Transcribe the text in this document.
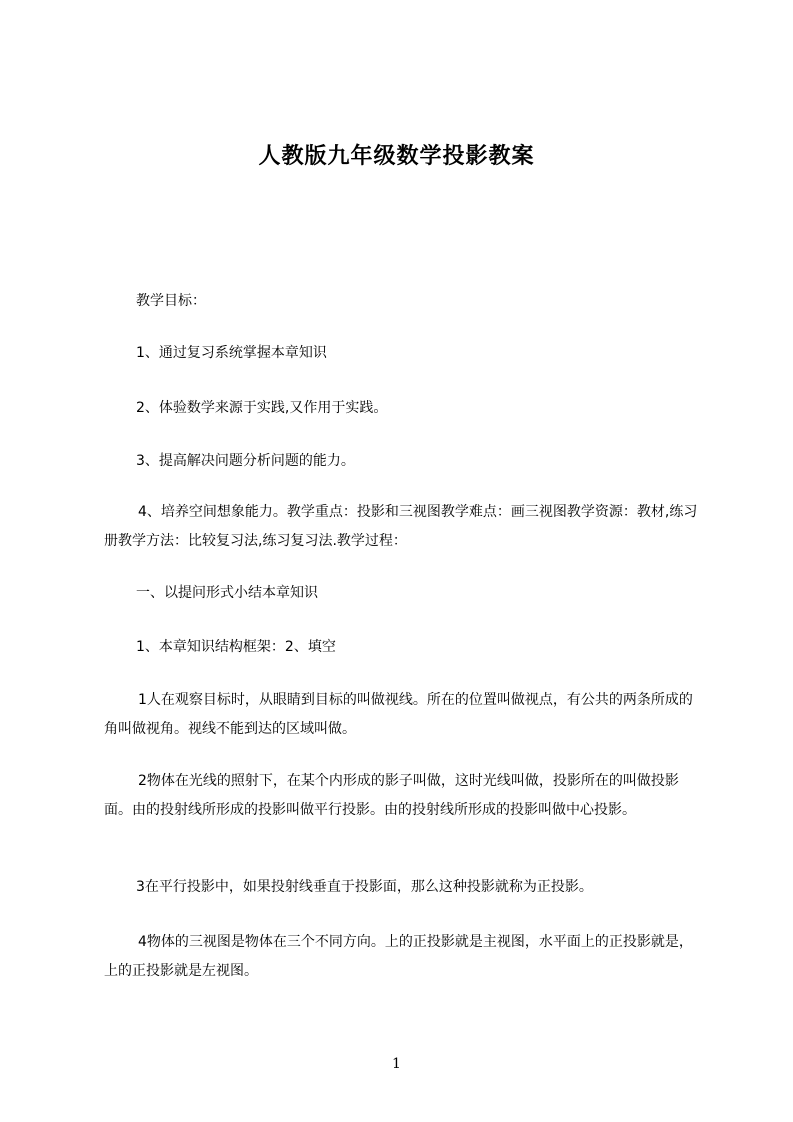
人教版九年级数学投影教案
教学目标：
1、通过复习系统掌握本章知识
2、体验数学来源于实践,又作用于实践。
3、提高解决问题分析问题的能力。
4、培养空间想象能力。教学重点：投影和三视图教学难点：画三视图教学资源：教材,练习册教学方法：比较复习法,练习复习法.教学过程：
一、以提问形式小结本章知识
1、本章知识结构框架：2、填空
1人在观察目标时，从眼睛到目标的叫做视线。所在的位置叫做视点，有公共的两条所成的角叫做视角。视线不能到达的区域叫做。
2物体在光线的照射下，在某个内形成的影子叫做，这时光线叫做，投影所在的叫做投影面。由的投射线所形成的投影叫做平行投影。由的投射线所形成的投影叫做中心投影。
3在平行投影中，如果投射线垂直于投影面，那么这种投影就称为正投影。
4物体的三视图是物体在三个不同方向。上的正投影就是主视图，水平面上的正投影就是，上的正投影就是左视图。
1
